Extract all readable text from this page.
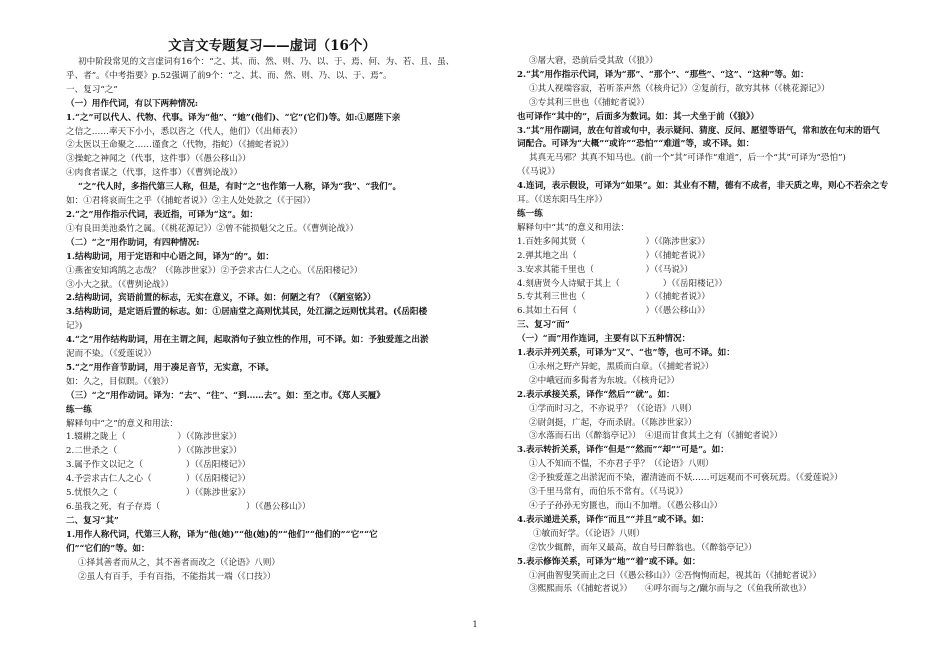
文言文专题复习——虚词（16个）
初中阶段常见的文言虚词有16个：“之、其、而、然、则、乃、以、于、焉、何、为、若、且、虽、
乎、者”。《中考指要》p.52强调了前9个：“之、其、而、然、则、乃、以、于、焉”。
一、复习“之”
（一）用作代词，有以下两种情况:
1.“之”可以代人、代物、代事。译为“他”、“她”(他们)、“它”(它们)等。如:①愿陛下亲
之信之……率天下小小，悉以咨之（代人，他们）（《出师表》）
②太医以王命聚之……谨食之（代物，指蛇）（《捕蛇者说》）
③操蛇之神闻之（代事，这件事）（《愚公移山》）
④肉食者谋之（代事，这件事）（《曹刿论战》）
“之”代人时，多指代第三人称，但是，有时“之”也作第一人称，译为“我”、“我们”。
如：①君将哀而生之乎（《捕蛇者说》）②主人处处款之（《于园》）
2.“之”用作指示代词，表近指，可译为“这”。如：
①有良田美池桑竹之属。（《桃花源记》）②曾不能损魁父之丘。（《曹刿论战》）
（二）“之”用作助词，有四种情况:
1.结构助词，用于定语和中心语之间，译为“的”。如：
①燕雀安知鸿鹄之志哉？（《陈涉世家》）②予尝求古仁人之心。（《岳阳楼记》）
③小大之狱。（《曹刿论战》）
2.结构助词，宾语前置的标志，无实在意义，不译。如：何陋之有？（《陋室铭》）
3.结构助词，是定语后置的标志。如：①居庙堂之高则忧其民，处江湖之远则忧其君。(《岳阳楼
记》)
4.“之”用作结构助词，用在主谓之间，起取消句子独立性的作用，可不译。如：予独爱莲之出淤
泥而不染。（《爱莲说》）
5.“之”用作音节助词，用于凑足音节，无实意，不译。
如：久之，目似瞑。（《狼》）
（三）“之”用作动词。译为：“去”、“往”、“到……去”。如：至之市。《郑人买履》
练一练
解释句中“之”的意义和用法：
1.辍耕之陇上（　　　　　　）（《陈涉世家》）
2.二世杀之（　　　　　　　）（《陈涉世家》）
3.属予作文以记之（　　　　　）（《岳阳楼记》）
4.予尝求古仁人之心（　　　　）（《岳阳楼记》）
5.忧恨久之（　　　　　　　　）（《陈涉世家》）
6.虽我之死，有子存焉（　　　　　　　　　　）（《愚公移山》）
二、复习“其”
1.用作人称代词，代第三人称，译为“他(她)”“他(她)的”“他们”“他们的”“它”“它
们”“它们的”等。如：
①择其善者而从之，其不善者而改之（《论语》八则）
②虽人有百手，手有百指，不能指其一端（《口技》）
③屠大窘，恐前后受其敌（《狼》）
2.“其”用作指示代词，译为“那”、“那个”、“那些”、“这”、“这种”等。如：
①其人视端容寂，若听茶声然（《核舟记》）②复前行，欲穷其林（《桃花源记》）
③专其利三世也（《捕蛇者说》）
也可译作“其中的”，后面多为数词。如：其一犬坐于前（《狼》）
3.“其”用作副词，放在句首或句中，表示疑问、猜度、反问、愿望等语气，常和放在句末的语气
词配合。可译为“大概”“或许”“恐怕”“难道”等，或不译。如：
其真无马邪？其真不知马也。(前一个“其”可译作“难道”，后一个“其”可译为“恐怕”)
（《马说》）
4.连词，表示假设，可译为“如果”。如：其业有不精，德有不成者，非天质之卑，则心不若余之专
耳。（《送东阳马生序》）
练一练
解释句中“其”的意义和用法：
1.百姓多闻其贤（　　　　　　　）（《陈涉世家》）
2.弹其地之出（　　　　　　　　）（《捕蛇者说》）
3.安求其能千里也（　　　　　　）（《马说》）
4.刻唐贤今人诗赋于其上（　　　　　）（《岳阳楼记》）
5.专其利三世也（　　　　　　　）（《捕蛇者说》）
6.其如土石何（　　　　　　　　）（《愚公移山》）
三、复习“而”
（一）“而”用作连词，主要有以下五种情况：
1.表示并列关系，可译为“又”、“也”等，也可不译。如：
①永州之野产异蛇，黑质而白章。（《捕蛇者说》）
②中峨冠而多髯者为东坡。（《核舟记》）
2.表示承接关系，译作“然后”“就”。如：
①学而时习之，不亦说乎？（《论语》八则）
②尉剑挺，广起，夺而杀尉。（《陈涉世家》）
③水落而石出（《醉翁亭记》）　④退而甘食其土之有（《捕蛇者说》）
3.表示转折关系，译作“但是”“然而”“却”“可是”。如：
①人不知而不愠，不亦君子乎？（《论语》八则）
②予独爱莲之出淤泥而不染，濯清涟而不妖……可远观而不可亵玩焉。（《爱莲说》）
③千里马常有，而伯乐不常有。（《马说》）
④子子孙孙无穷匮也，而山不加增。（《愚公移山》）
4.表示递进关系，译作“而且”“并且”或不译。如：
①敏而好学。（《论语》八则）
②饮少辄醉，而年又最高，故自号曰醉翁也。（《醉翁亭记》）
5.表示修饰关系，可译为“地”“着”或不译。如：
①河曲智叟笑而止之曰（《愚公移山》）②吾恂恂而起，视其缶（《捕蛇者说》）
③熙熙而乐（《捕蛇者说》）　　④呼尔而与之/蹴尔而与之（《鱼我所欲也》）
1
